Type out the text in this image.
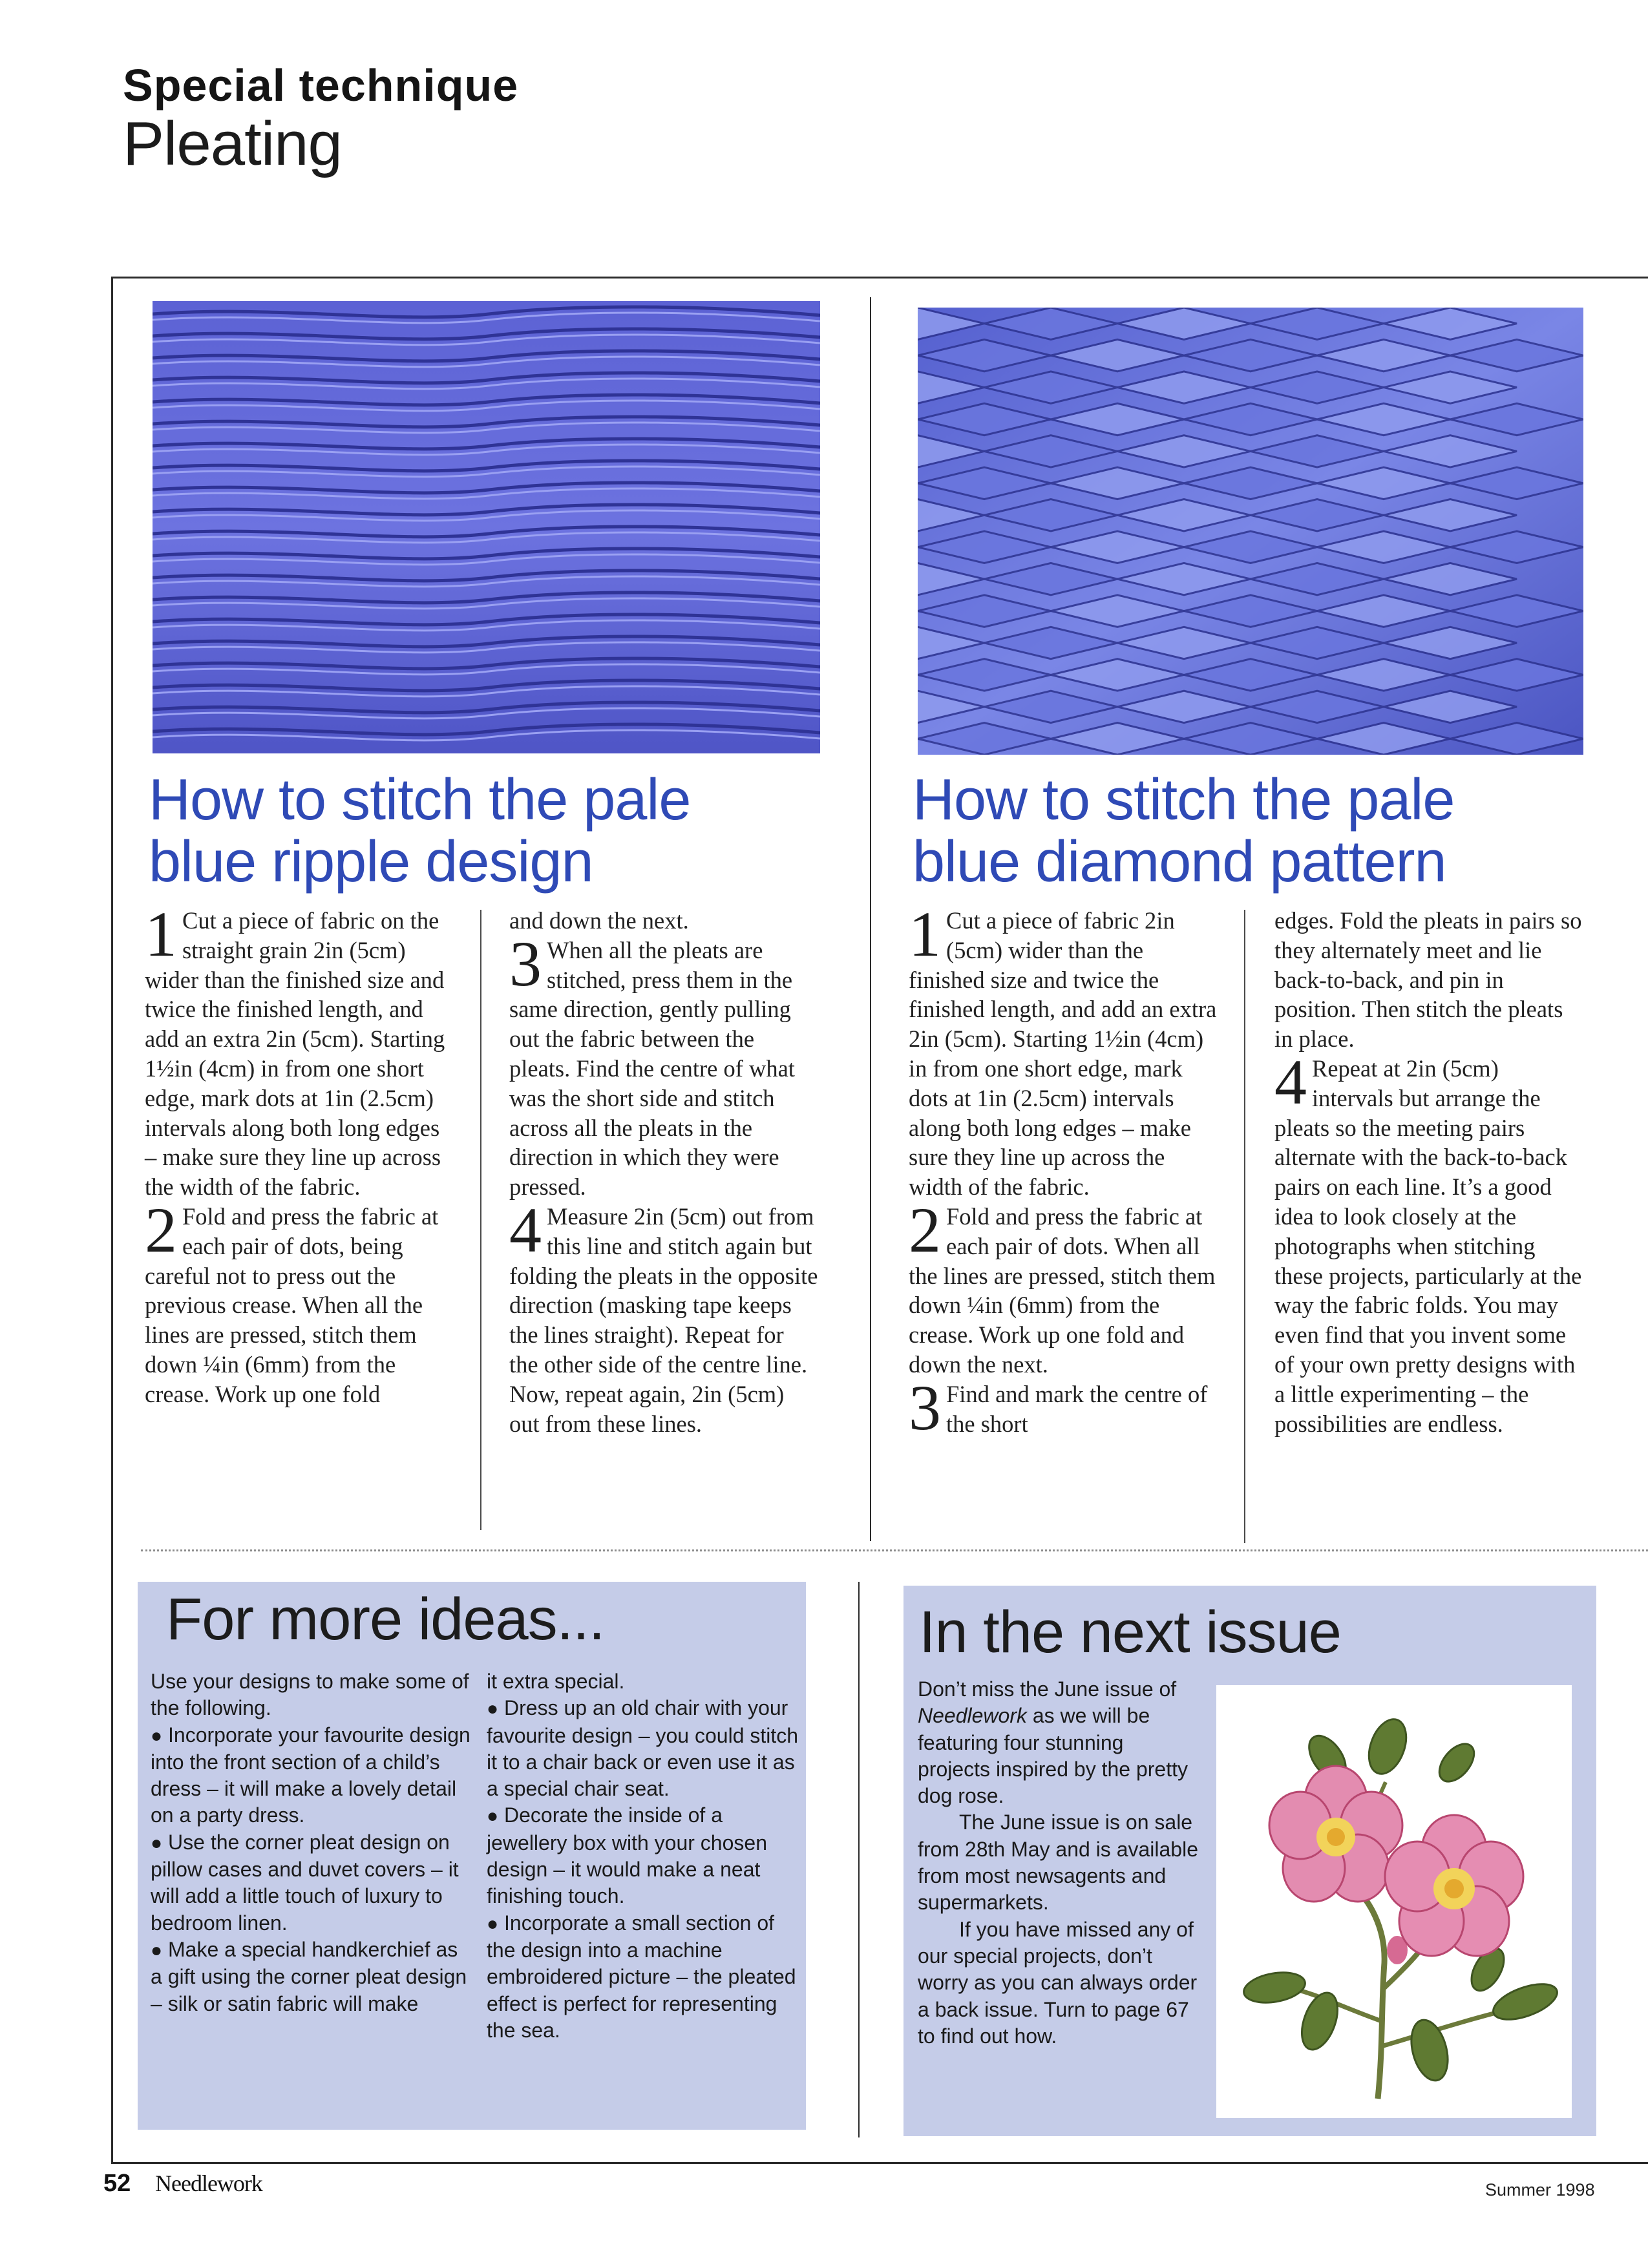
Special technique
Pleating
How to stitch the pale
blue ripple design
How to stitch the pale
blue diamond pattern
1 Cut a piece of fabric on the straight grain 2in (5cm) wider than the finished size and twice the finished length, and add an extra 2in (5cm). Starting 1½in (4cm) in from one short edge, mark dots at 1in (2.5cm) intervals along both long edges – make sure they line up across the width of the fabric.

2 Fold and press the fabric at each pair of dots, being careful not to press out the previous crease. When all the lines are pressed, stitch them down ¼in (6mm) from the crease. Work up one fold

and down the next.

3 When all the pleats are stitched, press them in the same direction, gently pulling out the fabric between the pleats. Find the centre of what was the short side and stitch across all the pleats in the direction in which they were pressed.

4 Measure 2in (5cm) out from this line and stitch again but folding the pleats in the opposite direction (masking tape keeps the lines straight). Repeat for the other side of the centre line. Now, repeat again, 2in (5cm) out from these lines.

1 Cut a piece of fabric 2in (5cm) wider than the finished size and twice the finished length, and add an extra 2in (5cm). Starting 1½in (4cm) in from one short edge, mark dots at 1in (2.5cm) intervals along both long edges – make sure they line up across the width of the fabric.

2 Fold and press the fabric at each pair of dots. When all the lines are pressed, stitch them down ¼in (6mm) from the crease. Work up one fold and down the next.

3 Find and mark the centre of the short

edges. Fold the pleats in pairs so they alternately meet and lie back-to-back, and pin in position. Then stitch the pleats in place.

4 Repeat at 2in (5cm) intervals but arrange the pleats so the meeting pairs alternate with the back-to-back pairs on each line. It’s a good idea to look closely at the photographs when stitching these projects, particularly at the way the fabric folds. You may even find that you invent some of your own pretty designs with a little experimenting – the possibilities are endless.

For more ideas...

Use your designs to make some of the following.

● Incorporate your favourite design into the front section of a child’s dress – it will make a lovely detail on a party dress.

● Use the corner pleat design on pillow cases and duvet covers – it will add a little touch of luxury to bedroom linen.

● Make a special handkerchief as a gift using the corner pleat design – silk or satin fabric will make

it extra special.

● Dress up an old chair with your favourite design – you could stitch it to a chair back or even use it as a special chair seat.

● Decorate the inside of a jewellery box with your chosen design – it would make a neat finishing touch.

● Incorporate a small section of the design into a machine embroidered picture – the pleated effect is perfect for representing the sea.

In the next issue

Don’t miss the June issue of Needlework as we will be featuring four stunning projects inspired by the pretty dog rose.

The June issue is on sale from 28th May and is available from most newsagents and supermarkets.

If you have missed any of our special projects, don’t worry as you can always order a back issue. Turn to page 67 to find out how.

52 Needlework	Summer 1998
